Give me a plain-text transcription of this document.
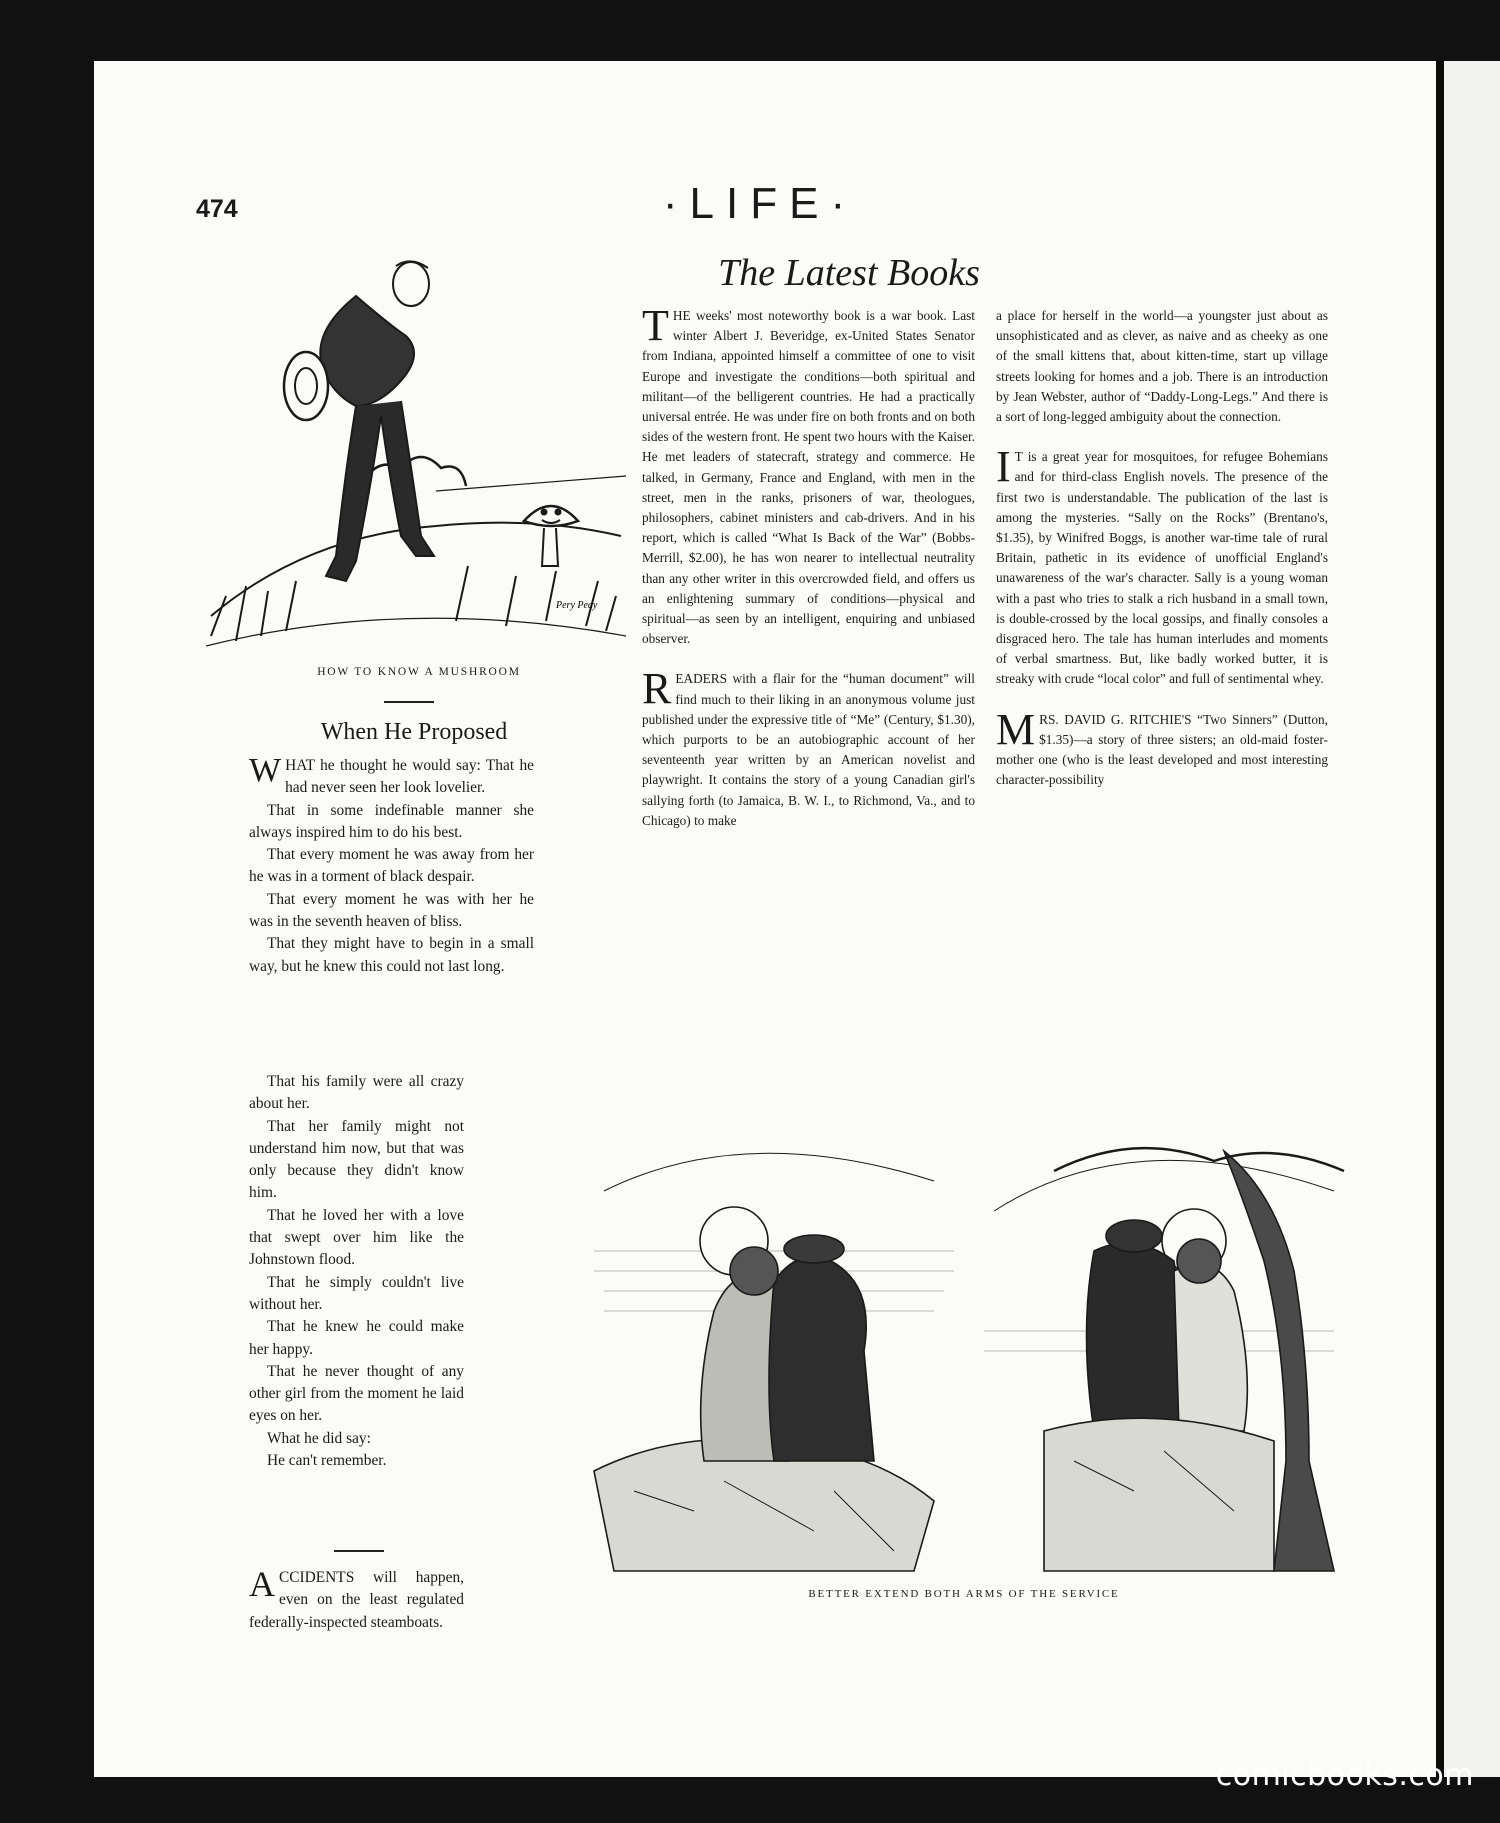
474	·LIFE·
The Latest Books
Pery Peay
HOW TO KNOW A MUSHROOM
When He Proposed

WHAT he thought he would say: That he had never seen her look lovelier.

That in some indefinable manner she always inspired him to do his best.

That every moment he was away from her he was in a torment of black despair.

That every moment he was with her he was in the seventh heaven of bliss.

That they might have to begin in a small way, but he knew this could not last long.

That his family were all crazy about her.

That her family might not understand him now, but that was only because they didn't know him.

That he loved her with a love that swept over him like the Johnstown flood.

That he simply couldn't live without her.

That he knew he could make her happy.

That he never thought of any other girl from the moment he laid eyes on her.

What he did say:

He can't remember.

ACCIDENTS will happen, even on the least regulated federally-inspected steamboats.

THE weeks' most noteworthy book is a war book. Last winter Albert J. Beveridge, ex-United States Senator from Indiana, appointed himself a committee of one to visit Europe and investigate the conditions—both spiritual and militant—of the belligerent countries. He had a practically universal entrée. He was under fire on both fronts and on both sides of the western front. He spent two hours with the Kaiser. He met leaders of statecraft, strategy and commerce. He talked, in Germany, France and England, with men in the street, men in the ranks, prisoners of war, theologues, philosophers, cabinet ministers and cab-drivers. And in his report, which is called “What Is Back of the War” (Bobbs-Merrill, $2.00), he has won nearer to intellectual neutrality than any other writer in this overcrowded field, and offers us an enlightening summary of conditions—physical and spiritual—as seen by an intelligent, enquiring and unbiased observer.

READERS with a flair for the “human document” will find much to their liking in an anonymous volume just published under the expressive title of “Me” (Century, $1.30), which purports to be an autobiographic account of her seventeenth year written by an American novelist and playwright. It contains the story of a young Canadian girl's sallying forth (to Jamaica, B. W. I., to Richmond, Va., and to Chicago) to make

a place for herself in the world—a youngster just about as unsophisticated and as clever, as naive and as cheeky as one of the small kittens that, about kitten-time, start up village streets looking for homes and a job. There is an introduction by Jean Webster, author of “Daddy-Long-Legs.” And there is a sort of long-legged ambiguity about the connection.

I T is a great year for mosquitoes, for refugee Bohemians and for third-class English novels. The presence of the first two is understandable. The publication of the last is among the mysteries. “Sally on the Rocks” (Brentano's, $1.35), by Winifred Boggs, is another war-time tale of rural Britain, pathetic in its evidence of unofficial England's unawareness of the war's character. Sally is a young woman with a past who tries to stalk a rich husband in a small town, is double-crossed by the local gossips, and finally consoles a disgraced hero. The tale has human interludes and moments of verbal smartness. But, like badly worked butter, it is streaky with crude “local color” and full of sentimental whey.

MRS. DAVID G. RITCHIE'S “Two Sinners” (Dutton, $1.35)—a story of three sisters; an old-maid foster-mother one (who is the least developed and most interesting character-possibility

BETTER EXTEND BOTH ARMS OF THE SERVICE
comicbooks.com
